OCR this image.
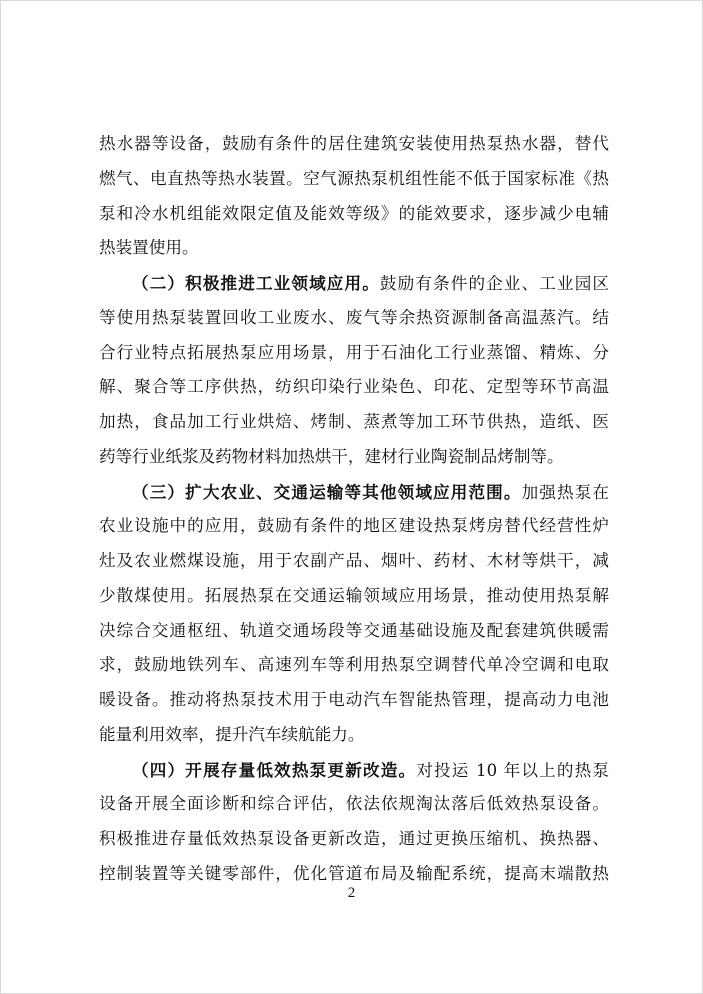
热水器等设备，鼓励有条件的居住建筑安装使用热泵热水器，替代
燃气、电直热等热水装置。空气源热泵机组性能不低于国家标准《热
泵和冷水机组能效限定值及能效等级》的能效要求，逐步减少电辅
热装置使用。
（二）积极推进工业领域应用。鼓励有条件的企业、工业园区
等使用热泵装置回收工业废水、废气等余热资源制备高温蒸汽。结
合行业特点拓展热泵应用场景，用于石油化工行业蒸馏、精炼、分
解、聚合等工序供热，纺织印染行业染色、印花、定型等环节高温
加热，食品加工行业烘焙、烤制、蒸煮等加工环节供热，造纸、医
药等行业纸浆及药物材料加热烘干，建材行业陶瓷制品烤制等。
（三）扩大农业、交通运输等其他领域应用范围。加强热泵在
农业设施中的应用，鼓励有条件的地区建设热泵烤房替代经营性炉
灶及农业燃煤设施，用于农副产品、烟叶、药材、木材等烘干，减
少散煤使用。拓展热泵在交通运输领域应用场景，推动使用热泵解
决综合交通枢纽、轨道交通场段等交通基础设施及配套建筑供暖需
求，鼓励地铁列车、高速列车等利用热泵空调替代单冷空调和电取
暖设备。推动将热泵技术用于电动汽车智能热管理，提高动力电池
能量利用效率，提升汽车续航能力。
（四）开展存量低效热泵更新改造。对投运 10 年以上的热泵
设备开展全面诊断和综合评估，依法依规淘汰落后低效热泵设备。
积极推进存量低效热泵设备更新改造，通过更换压缩机、换热器、
控制装置等关键零部件，优化管道布局及输配系统，提高末端散热
2
